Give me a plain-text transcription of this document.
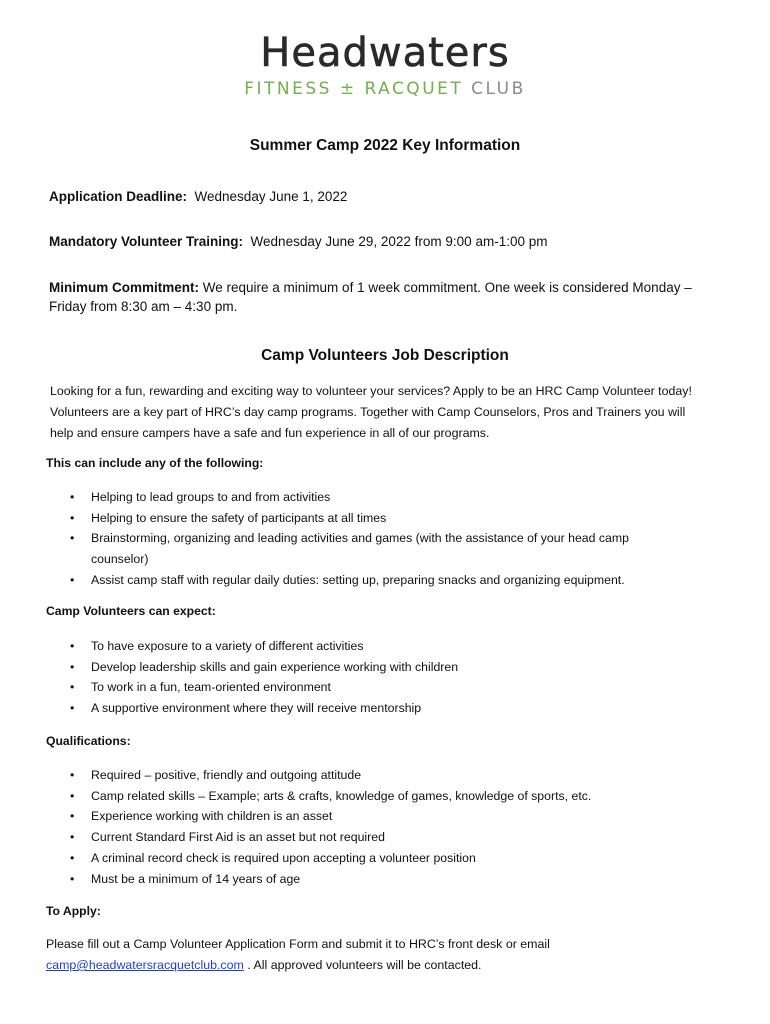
Headwaters
FITNESS ± RACQUET CLUB
Summer Camp 2022 Key Information
Application Deadline: Wednesday June 1, 2022
Mandatory Volunteer Training: Wednesday June 29, 2022 from 9:00 am-1:00 pm
Minimum Commitment: We require a minimum of 1 week commitment. One week is considered Monday –
Friday from 8:30 am – 4:30 pm.
Camp Volunteers Job Description
Looking for a fun, rewarding and exciting way to volunteer your services? Apply to be an HRC Camp Volunteer today!
Volunteers are a key part of HRC’s day camp programs. Together with Camp Counselors, Pros and Trainers you will
help and ensure campers have a safe and fun experience in all of our programs.
This can include any of the following:
• Helping to lead groups to and from activities
• Helping to ensure the safety of participants at all times
• Brainstorming, organizing and leading activities and games (with the assistance of your head camp
counselor)
• Assist camp staff with regular daily duties: setting up, preparing snacks and organizing equipment.
Camp Volunteers can expect:
• To have exposure to a variety of different activities
• Develop leadership skills and gain experience working with children
• To work in a fun, team-oriented environment
• A supportive environment where they will receive mentorship
Qualifications:
• Required – positive, friendly and outgoing attitude
• Camp related skills – Example; arts & crafts, knowledge of games, knowledge of sports, etc.
• Experience working with children is an asset
• Current Standard First Aid is an asset but not required
• A criminal record check is required upon accepting a volunteer position
• Must be a minimum of 14 years of age
To Apply:
Please fill out a Camp Volunteer Application Form and submit it to HRC’s front desk or email
camp@headwatersracquetclub.com . All approved volunteers will be contacted.
